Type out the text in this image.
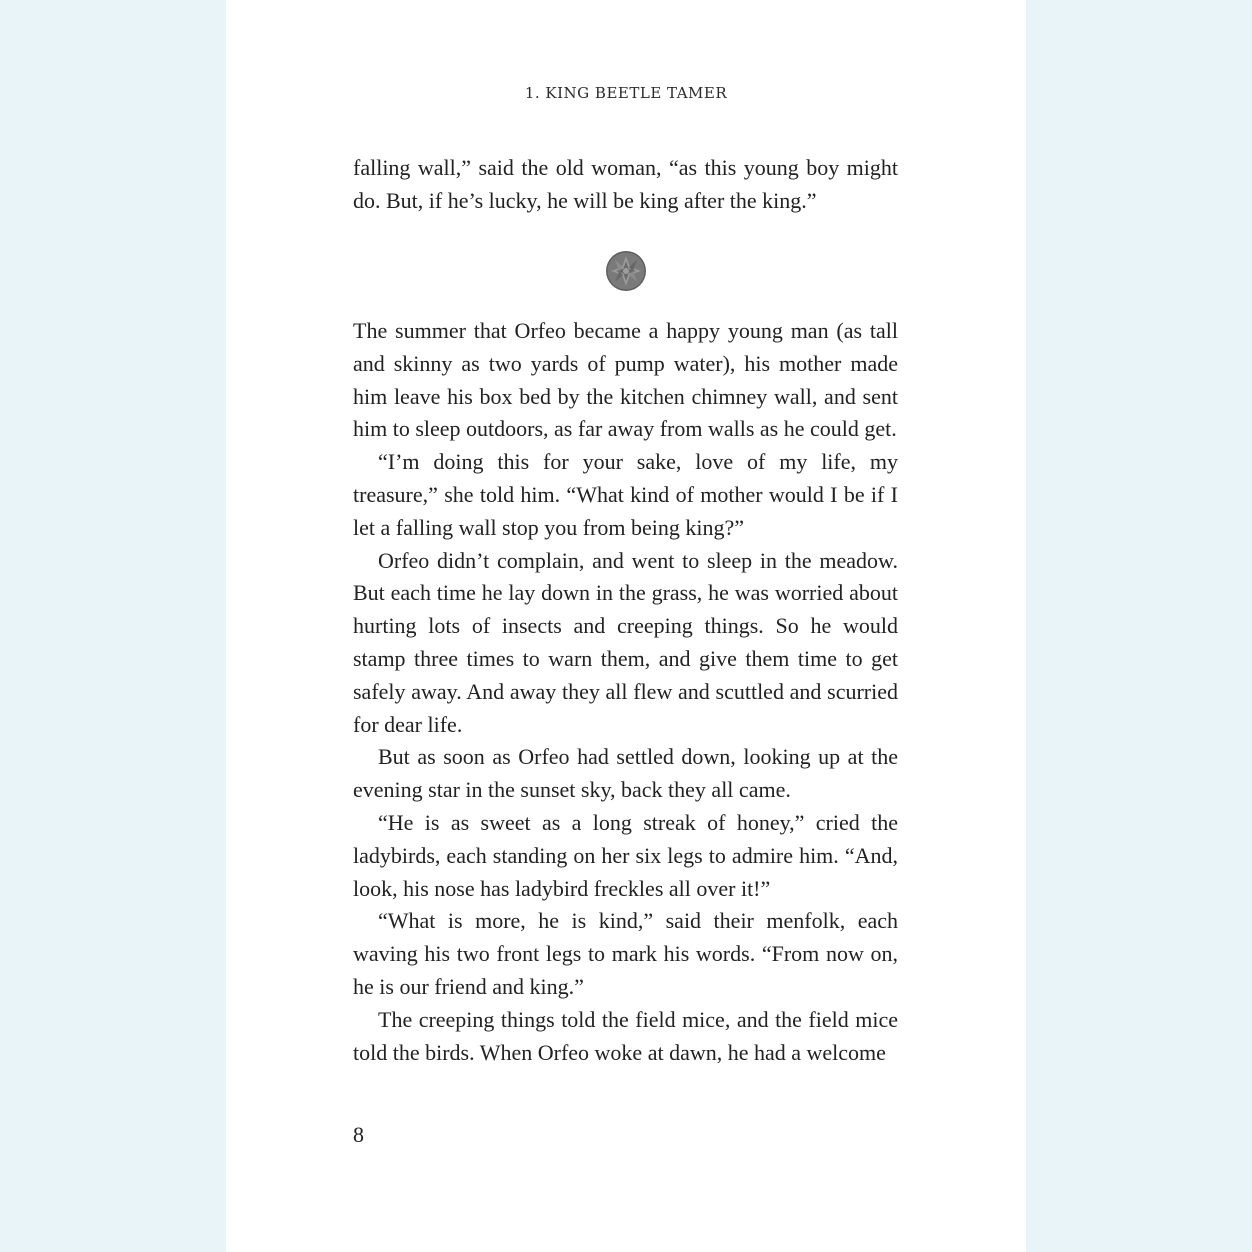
1. KING BEETLE TAMER

falling wall,” said the old woman, “as this young boy might do. But, if he’s lucky, he will be king after the king.”

The summer that Orfeo became a happy young man (as tall and skinny as two yards of pump water), his mother made him leave his box bed by the kitchen chimney wall, and sent him to sleep outdoors, as far away from walls as he could get.

“I’m doing this for your sake, love of my life, my treasure,” she told him. “What kind of mother would I be if I let a falling wall stop you from being king?”

Orfeo didn’t complain, and went to sleep in the meadow. But each time he lay down in the grass, he was worried about hurting lots of insects and creeping things. So he would stamp three times to warn them, and give them time to get safely away. And away they all flew and scuttled and scurried for dear life.

But as soon as Orfeo had settled down, looking up at the evening star in the sunset sky, back they all came.

“He is as sweet as a long streak of honey,” cried the ladybirds, each standing on her six legs to admire him. “And, look, his nose has ladybird freckles all over it!”

“What is more, he is kind,” said their menfolk, each waving his two front legs to mark his words. “From now on, he is our friend and king.”

The creeping things told the field mice, and the field mice told the birds. When Orfeo woke at dawn, he had a welcome

8
